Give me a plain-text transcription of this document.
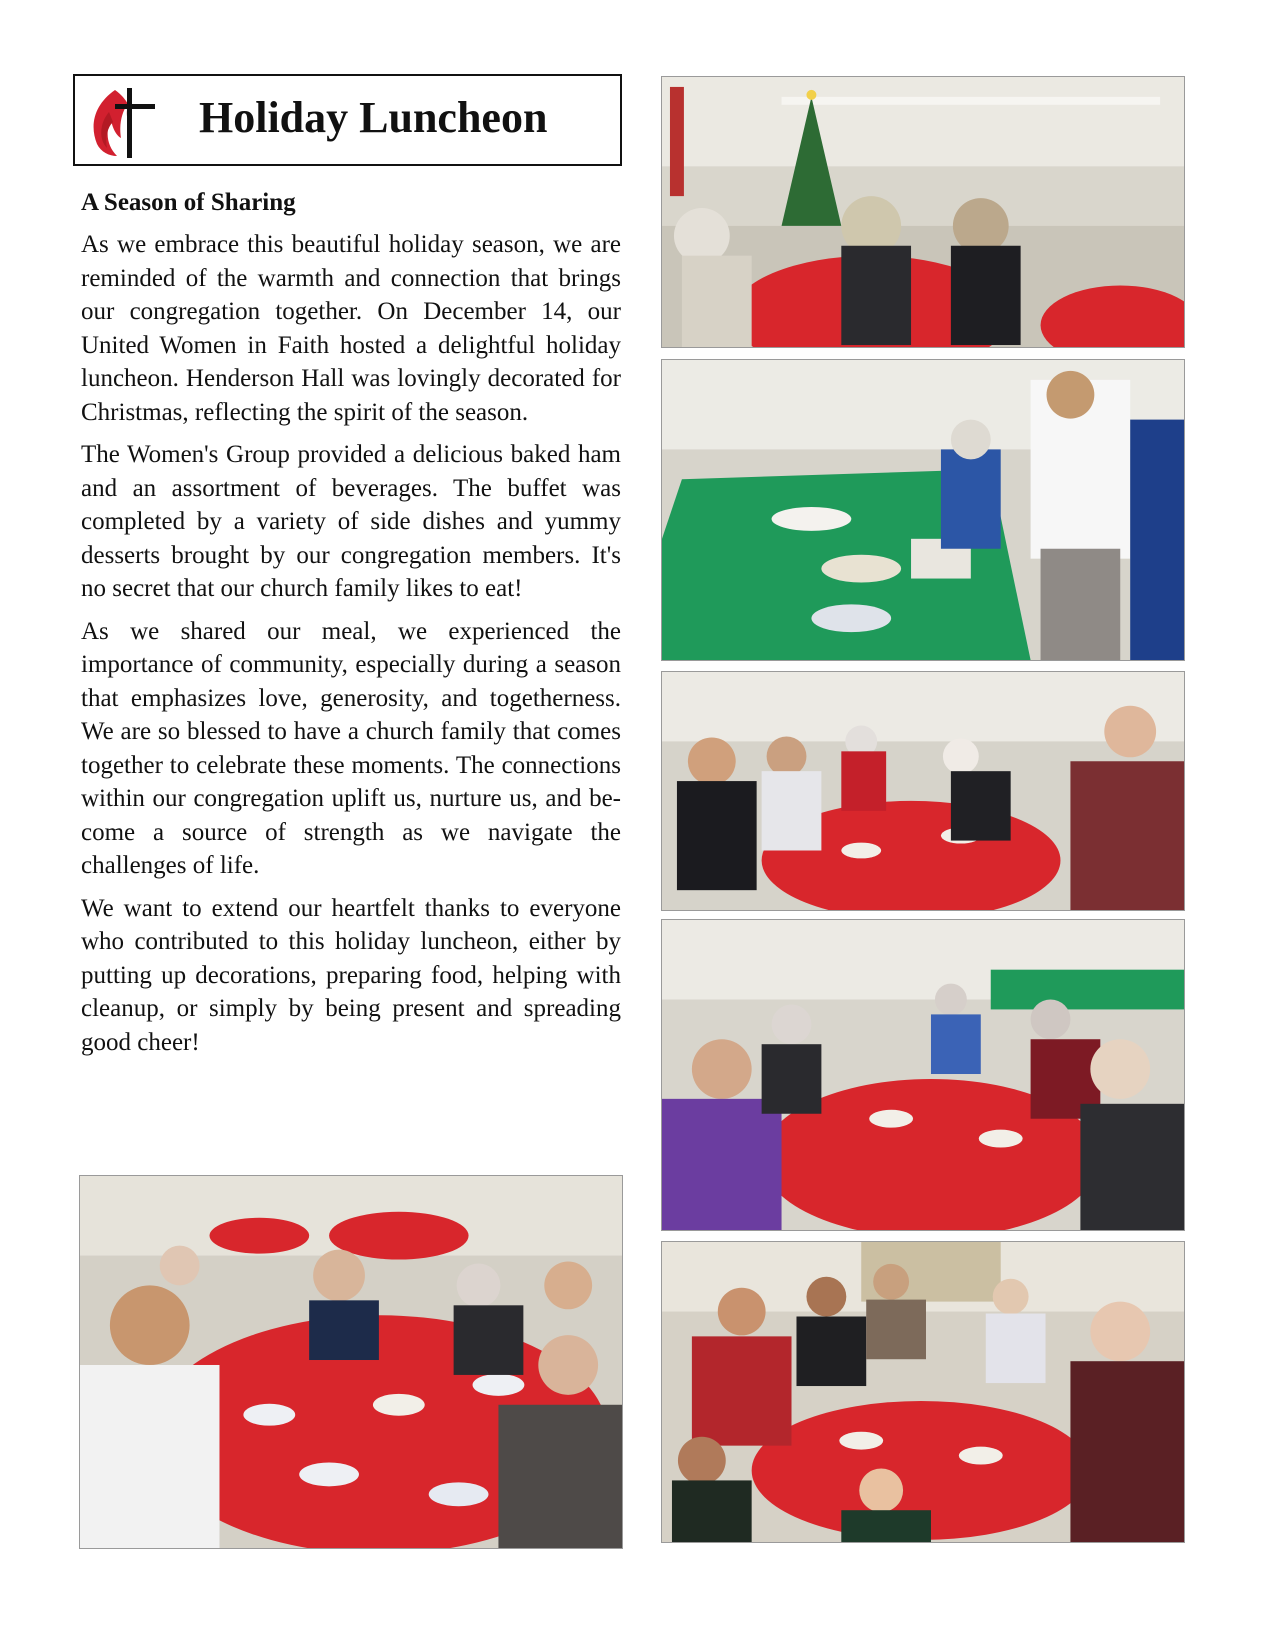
Holiday Luncheon
A Season of Sharing

As we embrace this beautiful holiday season, we are reminded of the warmth and connection that brings our congregation together. On December 14, our United Women in Faith hosted a delightful holiday luncheon. Henderson Hall was lovingly decorated for Christmas, reflecting the spirit of the season.

The Women's Group provided a delicious baked ham and an assortment of beverages. The buffet was completed by a variety of side dishes and yummy desserts brought by our congregation members. It's no secret that our church family likes to eat!

As we shared our meal, we experienced the importance of community, especially during a season that emphasizes love, generosity, and togetherness. We are so blessed to have a church family that comes together to celebrate these moments. The connections within our congregation uplift us, nurture us, and become a source of strength as we navigate the challenges of life.

We want to extend our heartfelt thanks to everyone who contributed to this holiday luncheon, either by putting up decorations, preparing food, helping with cleanup, or simply by being present and spreading good cheer!
